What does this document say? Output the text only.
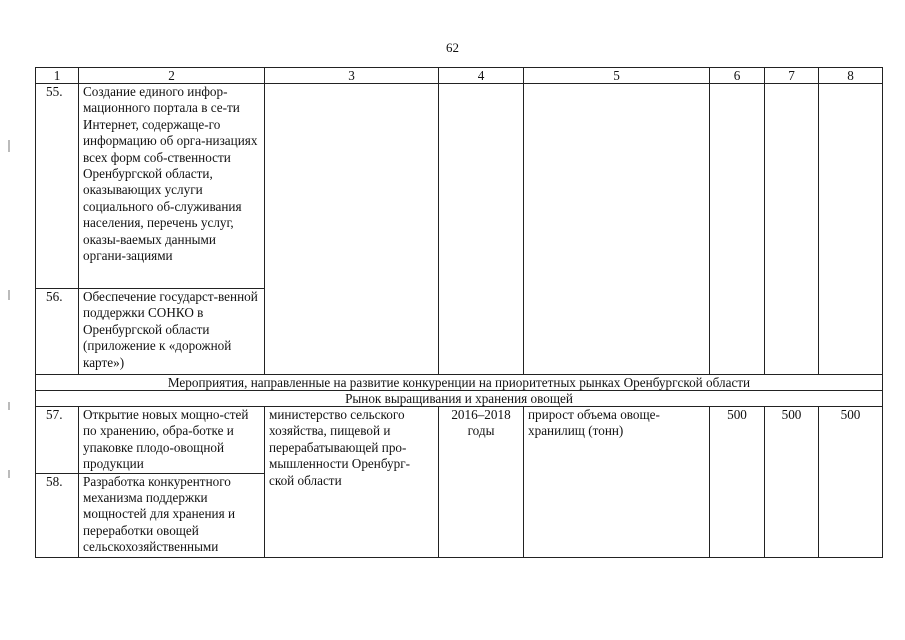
62
1	2	3	4	5	6	7	8
55.	Создание единого инфор-мационного портала в се-ти Интернет, содержаще-го информацию об орга-низациях всех форм соб-ственности Оренбургской области, оказывающих услуги социального об-служивания населения, перечень услуг, оказы-ваемых данными органи-зациями						
56.	Обеспечение государст-венной поддержки СОНКО в Оренбургской области (приложение к «дорожной карте»)						
Мероприятия, направленные на развитие конкуренции на приоритетных рынках Оренбургской области							
Рынок выращивания и хранения овощей							
57.	Открытие новых мощно-стей по хранению, обра-ботке и упаковке плодо-овощной продукции	министерство сельского хозяйства, пищевой и перерабатывающей про-мышленности Оренбург-ской области	2016–2018 годы	прирост объема овоще-хранилищ (тонн)	500	500	500
58.	Разработка конкурентного механизма поддержки мощностей для хранения и переработки овощей сельскохозяйственными						
